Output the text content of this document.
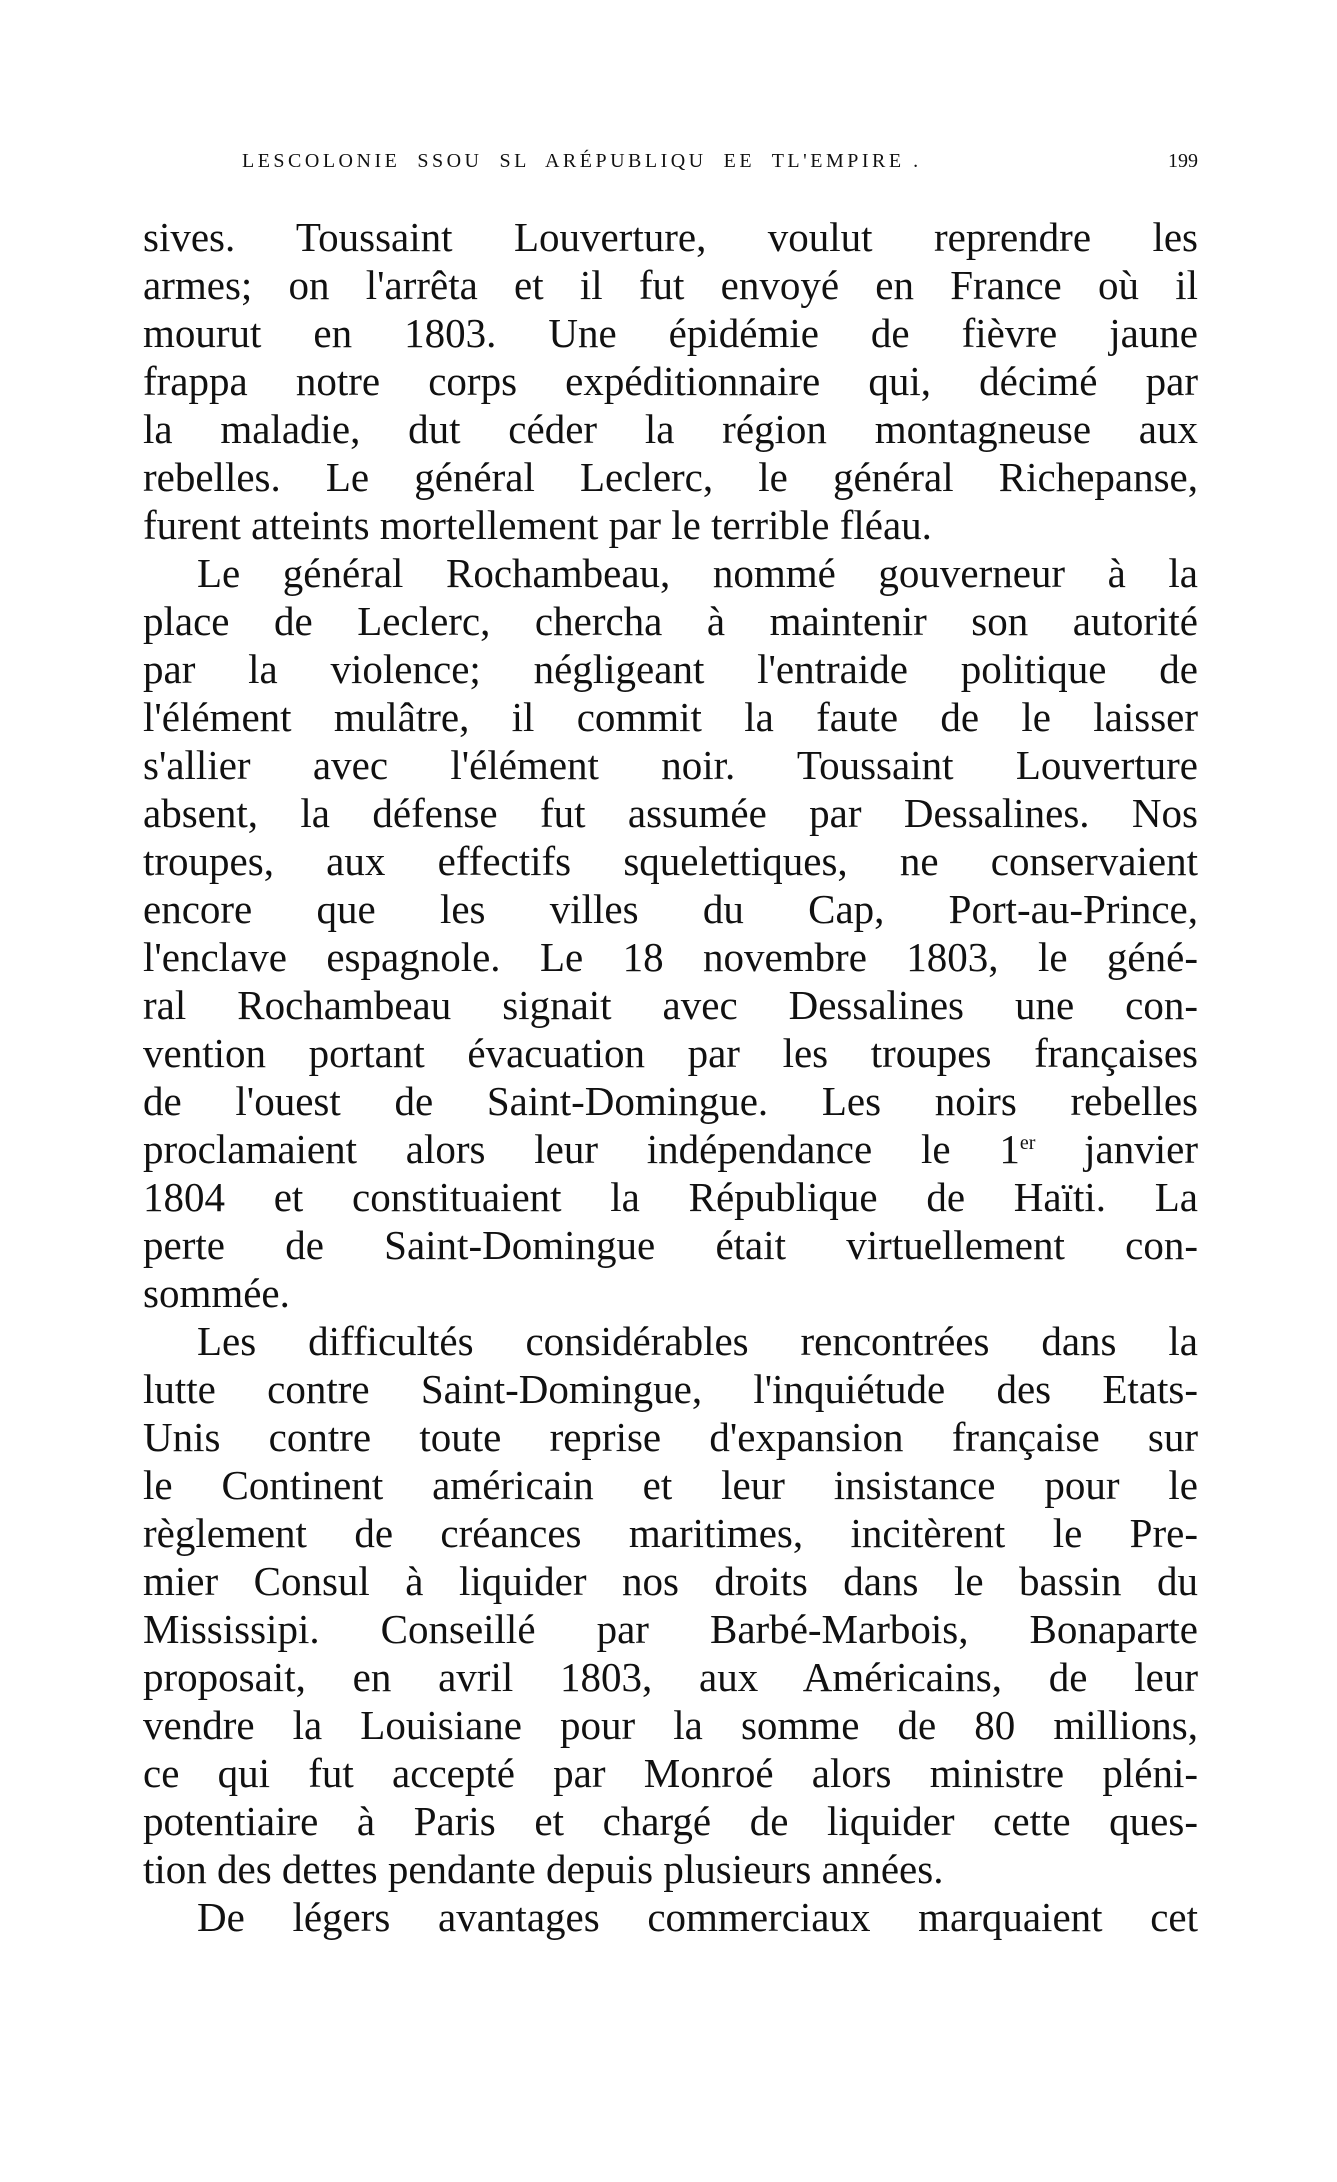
LESCOLONIE  SSOU  SL  ARÉPUBLIQU  EE  TL'EMPIRE .	199
sives. Toussaint Louverture, voulut reprendre les
armes; on l'arrêta et il fut envoyé en France où il
mourut en 1803. Une épidémie de fièvre jaune
frappa notre corps expéditionnaire qui, décimé par
la maladie, dut céder la région montagneuse aux
rebelles. Le général Leclerc, le général Richepanse,
furent atteints mortellement par le terrible fléau.
Le général Rochambeau, nommé gouverneur à la
place de Leclerc, chercha à maintenir son autorité
par la violence; négligeant l'entraide politique de
l'élément mulâtre, il commit la faute de le laisser
s'allier avec l'élément noir. Toussaint Louverture
absent, la défense fut assumée par Dessalines. Nos
troupes, aux effectifs squelettiques, ne conservaient
encore que les villes du Cap, Port-au-Prince,
l'enclave espagnole. Le 18 novembre 1803, le géné-
ral Rochambeau signait avec Dessalines une con-
vention portant évacuation par les troupes françaises
de l'ouest de Saint-Domingue. Les noirs rebelles
proclamaient alors leur indépendance le 1er janvier
1804 et constituaient la République de Haïti. La
perte de Saint-Domingue était virtuellement con-
sommée.
Les difficultés considérables rencontrées dans la
lutte contre Saint-Domingue, l'inquiétude des Etats-
Unis contre toute reprise d'expansion française sur
le Continent américain et leur insistance pour le
règlement de créances maritimes, incitèrent le Pre-
mier Consul à liquider nos droits dans le bassin du
Mississipi. Conseillé par Barbé-Marbois, Bonaparte
proposait, en avril 1803, aux Américains, de leur
vendre la Louisiane pour la somme de 80 millions,
ce qui fut accepté par Monroé alors ministre pléni-
potentiaire à Paris et chargé de liquider cette ques-
tion des dettes pendante depuis plusieurs années.
De légers avantages commerciaux marquaient cet
